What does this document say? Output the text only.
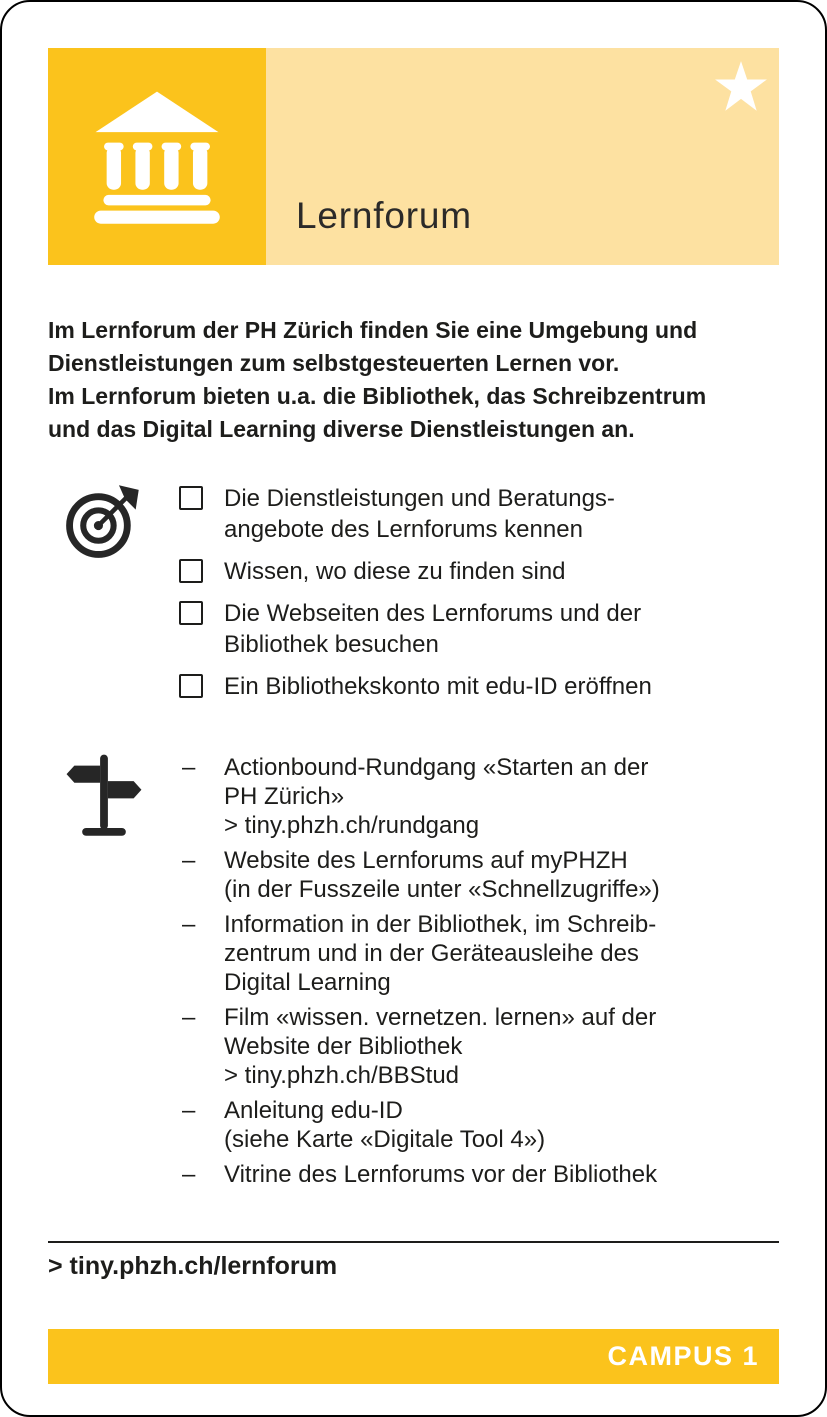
Lernforum

Im Lernforum der PH Zürich finden Sie eine Umgebung und
Dienstleistungen zum selbstgesteuerten Lernen vor.
Im Lernforum bieten u.a. die Bibliothek, das Schreibzentrum
und das Digital Learning diverse Dienstleistungen an.

Die Dienstleistungen und Beratungs-
angebote des Lernforums kennen
Wissen, wo diese zu finden sind
Die Webseiten des Lernforums und der
Bibliothek besuchen
Ein Bibliothekskonto mit edu-ID eröffnen
–	Actionbound-Rundgang «Starten an der
PH Zürich»
> tiny.phzh.ch/rundgang
–	Website des Lernforums auf myPHZH
(in der Fusszeile unter «Schnellzugriffe»)
–	Information in der Bibliothek, im Schreib-
zentrum und in der Geräteausleihe des
Digital Learning
–	Film «wissen. vernetzen. lernen» auf der
Website der Bibliothek
> tiny.phzh.ch/BBStud
–	Anleitung edu-ID
(siehe Karte «Digitale Tool 4»)
–	Vitrine des Lernforums vor der Bibliothek
> tiny.phzh.ch/lernforum
CAMPUS 1
